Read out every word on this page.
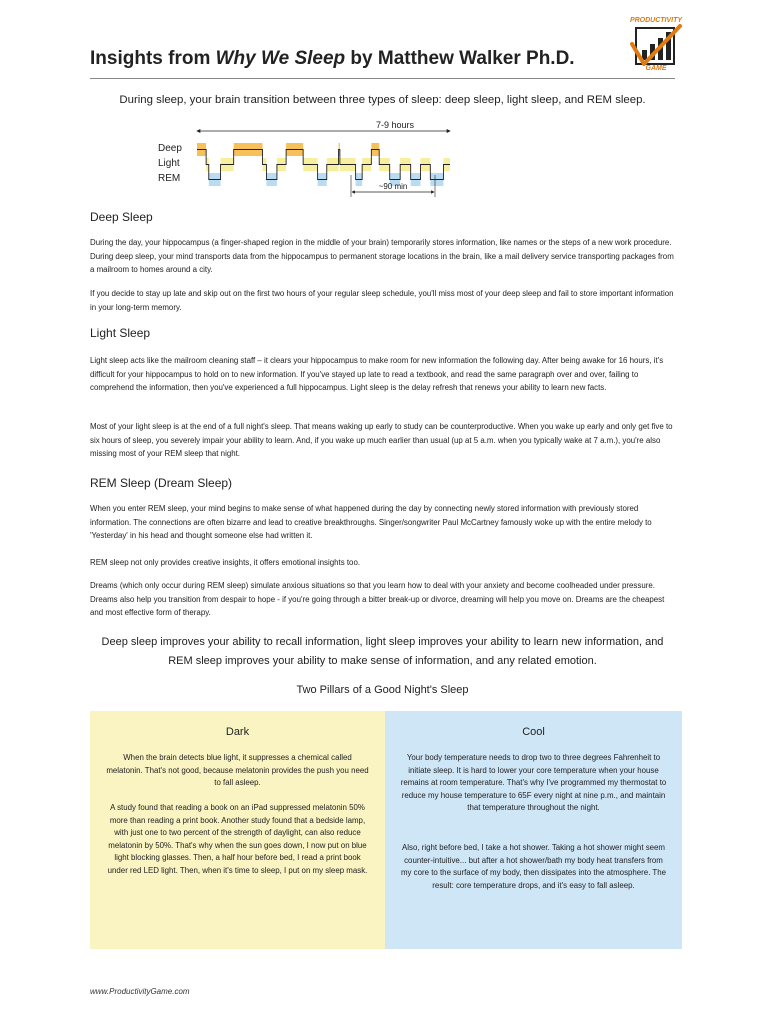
Insights from Why We Sleep by Matthew Walker Ph.D.
PRODUCTIVITY
GAME
During sleep, your brain transition between three types of sleep: deep sleep, light sleep, and REM sleep.
7-9 hours
Deep
Light
REM
~90 min
Deep Sleep

During the day, your hippocampus (a finger-shaped region in the middle of your brain) temporarily stores information, like names or the steps of a new work procedure. During deep sleep, your mind transports data from the hippocampus to permanent storage locations in the brain, like a mail delivery service transporting packages from a mailroom to homes around a city.

If you decide to stay up late and skip out on the first two hours of your regular sleep schedule, you'll miss most of your deep sleep and fail to store important information in your long-term memory.

Light Sleep

Light sleep acts like the mailroom cleaning staff – it clears your hippocampus to make room for new information the following day. After being awake for 16 hours, it's difficult for your hippocampus to hold on to new information. If you've stayed up late to read a textbook, and read the same paragraph over and over, failing to comprehend the information, then you've experienced a full hippocampus. Light sleep is the delay refresh that renews your ability to learn new facts.

Most of your light sleep is at the end of a full night's sleep. That means waking up early to study can be counterproductive. When you wake up early and only get five to six hours of sleep, you severely impair your ability to learn. And, if you wake up much earlier than usual (up at 5 a.m. when you typically wake at 7 a.m.), you're also missing most of your REM sleep that night.

REM Sleep (Dream Sleep)

When you enter REM sleep, your mind begins to make sense of what happened during the day by connecting newly stored information with previously stored information. The connections are often bizarre and lead to creative breakthroughs. Singer/songwriter Paul McCartney famously woke up with the entire melody to 'Yesterday' in his head and thought someone else had written it.

REM sleep not only provides creative insights, it offers emotional insights too.

Dreams (which only occur during REM sleep) simulate anxious situations so that you learn how to deal with your anxiety and become coolheaded under pressure. Dreams also help you transition from despair to hope - if you're going through a bitter break-up or divorce, dreaming will help you move on. Dreams are the cheapest and most effective form of therapy.

Deep sleep improves your ability to recall information, light sleep improves your ability to learn new information, and REM sleep improves your ability to make sense of information, and any related emotion.
Two Pillars of a Good Night's Sleep
Dark

When the brain detects blue light, it suppresses a chemical called melatonin. That's not good, because melatonin provides the push you need to fall asleep.

A study found that reading a book on an iPad suppressed melatonin 50% more than reading a print book. Another study found that a bedside lamp, with just one to two percent of the strength of daylight, can also reduce melatonin by 50%. That's why when the sun goes down, I now put on blue light blocking glasses. Then, a half hour before bed, I read a print book under red LED light. Then, when it's time to sleep, I put on my sleep mask.

Cool

Your body temperature needs to drop two to three degrees Fahrenheit to initiate sleep. It is hard to lower your core temperature when your house remains at room temperature. That's why I've programmed my thermostat to reduce my house temperature to 65F every night at nine p.m., and maintain that temperature throughout the night.

Also, right before bed, I take a hot shower. Taking a hot shower might seem counter-intuitive... but after a hot shower/bath my body heat transfers from my core to the surface of my body, then dissipates into the atmosphere. The result: core temperature drops, and it's easy to fall asleep.

www.ProductivityGame.com
